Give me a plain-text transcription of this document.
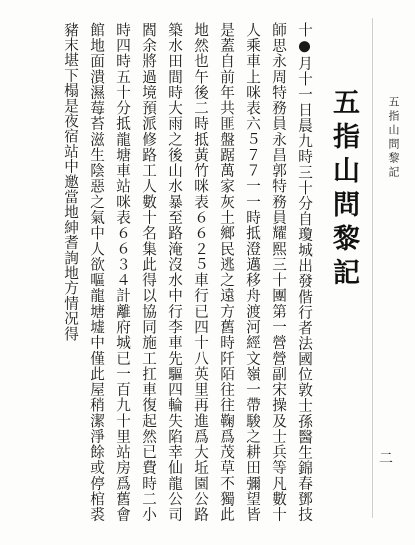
五指山問黎記
二
五指山問黎記
十●月十一日晨九時三十分自瓊城出發偕行者法國位敦士孫醫生錦春鄧技師思永周特務員永昌郭特務員耀熙三十團第一營營副宋操及士兵等凡數十人乘車上咪表六５７７一一時抵澄邁移舟渡河經文嶺一帶駿之耕田彌望皆是蓋自前年共匪盤踞萬家灰土鄉民逃之遠方舊時阡陌往往鞠爲茂草不獨此地然也午後二時抵黃竹咪表６６２５車行已四十八英里再進爲大坵園公路築水田間時大雨之後山水暴至路淹沒水中行李車先驅四輪失陷幸仙龍公司閻余將過境預派修路工人數十名集此得以協同施工扛車復起然已費時二小時四時五十分抵龍塘車站咪表６６３４計離府城已一百九十里站房爲舊會館地面潰濕莓苔滋生陰惡之氣中人欲嘔龍塘墟中僅此屋稍潔淨餘或停棺裘豬末堪下榻是夜宿站中邀當地紳耆詢地方情况得
